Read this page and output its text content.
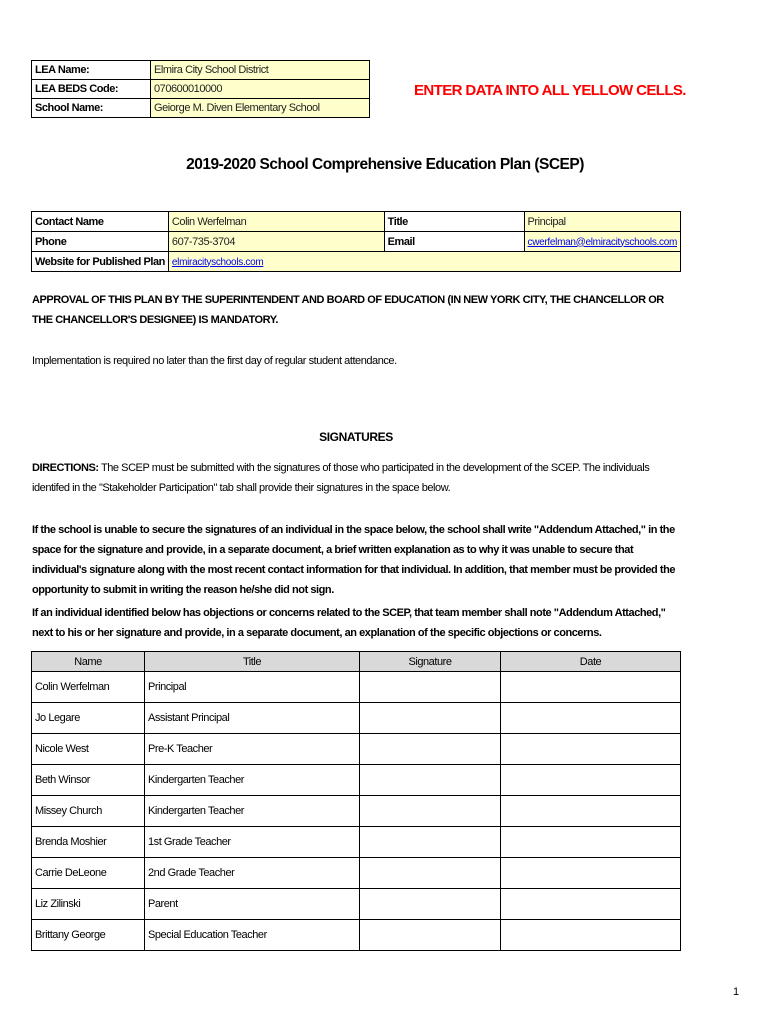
LEA Name:	Elmira City School District
LEA BEDS Code:	070600010000
School Name:	Geiorge M. Diven Elementary School
ENTER DATA INTO ALL YELLOW CELLS.
2019-2020 School Comprehensive Education Plan (SCEP)
Contact Name	Colin Werfelman	Title	Principal
Phone	607-735-3704	Email	cwerfelman@elmiracityschools.com
Website for Published Plan	elmiracityschools.com		
APPROVAL OF THIS PLAN BY THE SUPERINTENDENT AND BOARD OF EDUCATION (IN NEW YORK CITY, THE CHANCELLOR OR THE CHANCELLOR'S DESIGNEE) IS MANDATORY.
Implementation is required no later than the first day of regular student attendance.
SIGNATURES
DIRECTIONS: The SCEP must be submitted with the signatures of those who participated in the development of the SCEP. The individuals identifed in the "Stakeholder Participation" tab shall provide their signatures in the space below.
If the school is unable to secure the signatures of an individual in the space below, the school shall write "Addendum Attached," in the space for the signature and provide, in a separate document, a brief written explanation as to why it was unable to secure that individual's signature along with the most recent contact information for that individual. In addition, that member must be provided the opportunity to submit in writing the reason he/she did not sign.
If an individual identified below has objections or concerns related to the SCEP, that team member shall note "Addendum Attached," next to his or her signature and provide, in a separate document, an explanation of the specific objections or concerns.
Name	Title	Signature	Date
Colin Werfelman	Principal		
Jo Legare	Assistant Principal		
Nicole West	Pre-K Teacher		
Beth Winsor	Kindergarten Teacher		
Missey Church	Kindergarten Teacher		
Brenda Moshier	1st Grade Teacher		
Carrie DeLeone	2nd Grade Teacher		
Liz Zilinski	Parent		
Brittany George	Special Education Teacher		
1
